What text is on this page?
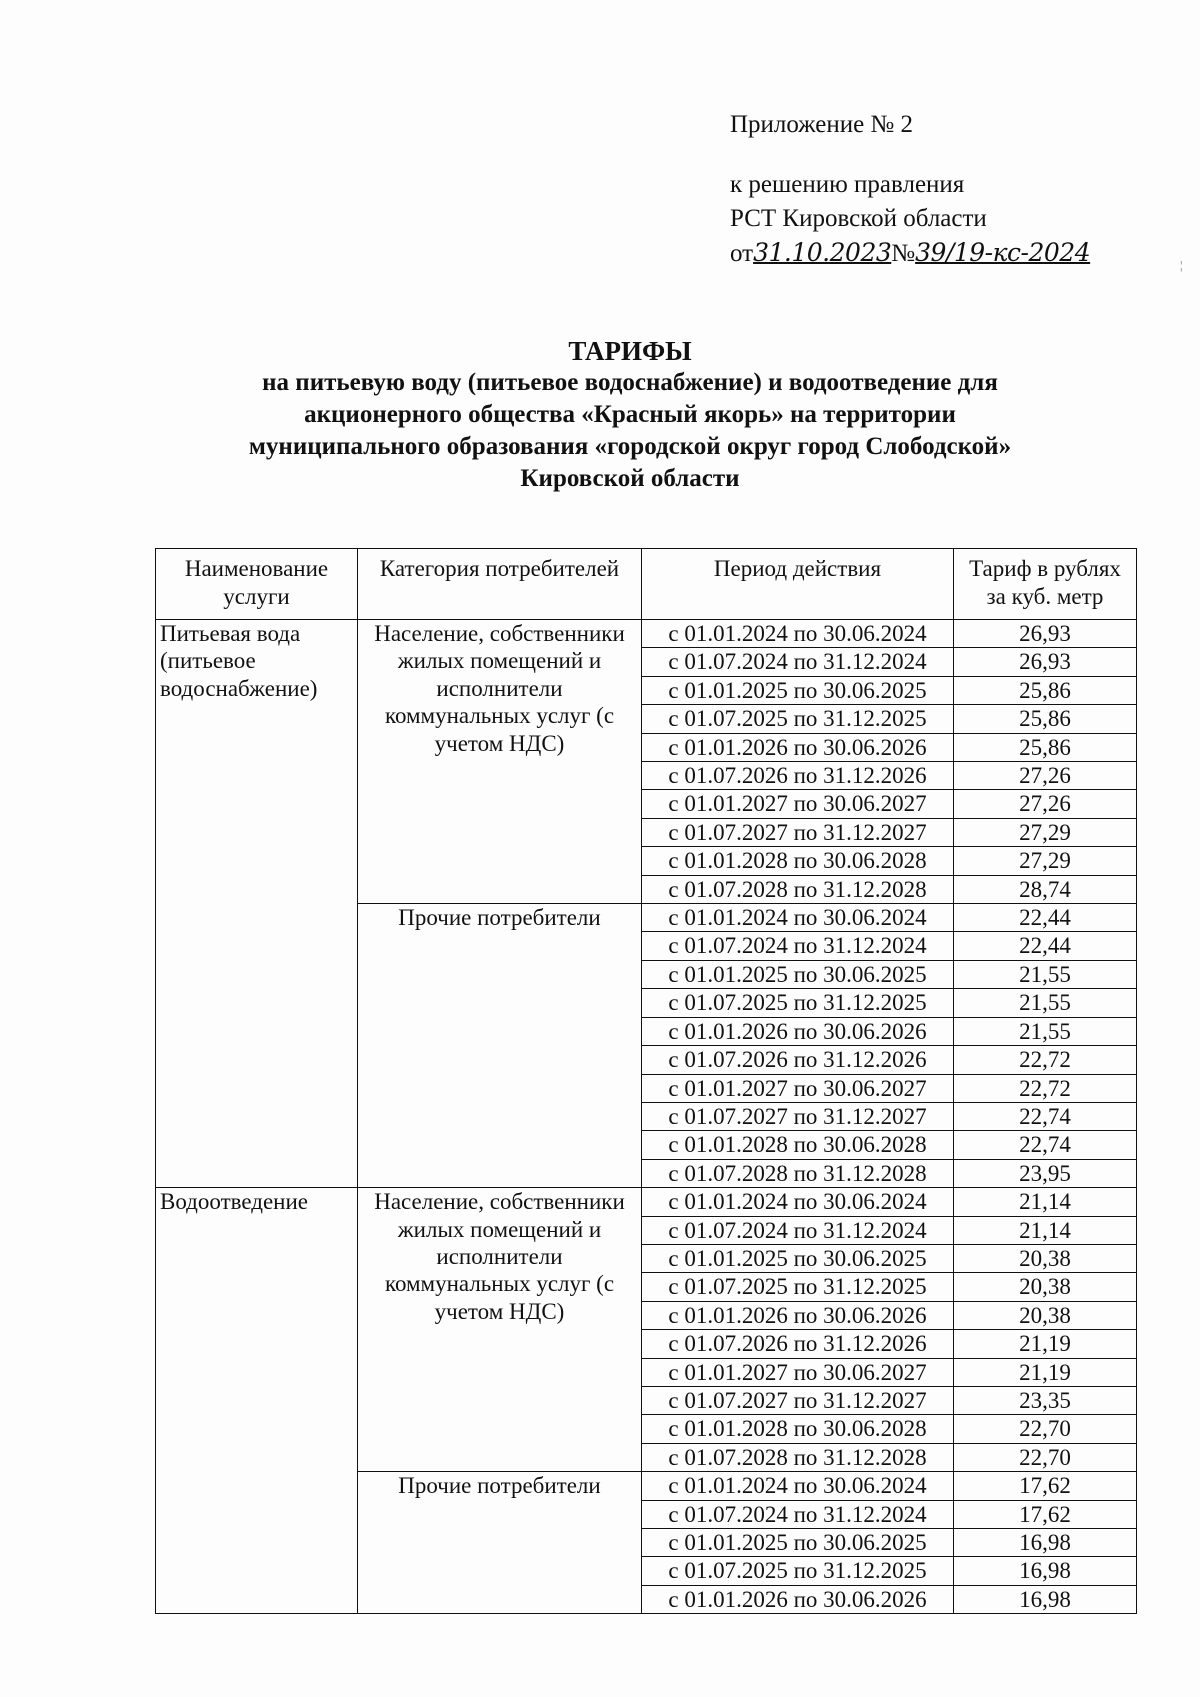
Приложение № 2
к решению правления
РСТ Кировской области
от31.10.2023№39/19-кс-2024	¦
ТАРИФЫ
на питьевую воду (питьевое водоснабжение) и водоотведение для
акционерного общества «Красный якорь» на территории
муниципального образования «городской округ город Слободской»
Кировской области
Наименование услуги	Категория потребителей	Период действия	Тариф в рублях за куб. метр
Питьевая вода (питьевое водоснабжение)	Население, собственники жилых помещений и исполнители коммунальных услуг (с учетом НДС)	с 01.01.2024 по 30.06.2024	26,93
		с 01.07.2024 по 31.12.2024	26,93
		с 01.01.2025 по 30.06.2025	25,86
		с 01.07.2025 по 31.12.2025	25,86
		с 01.01.2026 по 30.06.2026	25,86
		с 01.07.2026 по 31.12.2026	27,26
		с 01.01.2027 по 30.06.2027	27,26
		с 01.07.2027 по 31.12.2027	27,29
		с 01.01.2028 по 30.06.2028	27,29
		с 01.07.2028 по 31.12.2028	28,74
	Прочие потребители	с 01.01.2024 по 30.06.2024	22,44
		с 01.07.2024 по 31.12.2024	22,44
		с 01.01.2025 по 30.06.2025	21,55
		с 01.07.2025 по 31.12.2025	21,55
		с 01.01.2026 по 30.06.2026	21,55
		с 01.07.2026 по 31.12.2026	22,72
		с 01.01.2027 по 30.06.2027	22,72
		с 01.07.2027 по 31.12.2027	22,74
		с 01.01.2028 по 30.06.2028	22,74
		с 01.07.2028 по 31.12.2028	23,95
Водоотведение	Население, собственники жилых помещений и исполнители коммунальных услуг (с учетом НДС)	с 01.01.2024 по 30.06.2024	21,14
		с 01.07.2024 по 31.12.2024	21,14
		с 01.01.2025 по 30.06.2025	20,38
		с 01.07.2025 по 31.12.2025	20,38
		с 01.01.2026 по 30.06.2026	20,38
		с 01.07.2026 по 31.12.2026	21,19
		с 01.01.2027 по 30.06.2027	21,19
		с 01.07.2027 по 31.12.2027	23,35
		с 01.01.2028 по 30.06.2028	22,70
		с 01.07.2028 по 31.12.2028	22,70
	Прочие потребители	с 01.01.2024 по 30.06.2024	17,62
		с 01.07.2024 по 31.12.2024	17,62
		с 01.01.2025 по 30.06.2025	16,98
		с 01.07.2025 по 31.12.2025	16,98
		с 01.01.2026 по 30.06.2026	16,98
